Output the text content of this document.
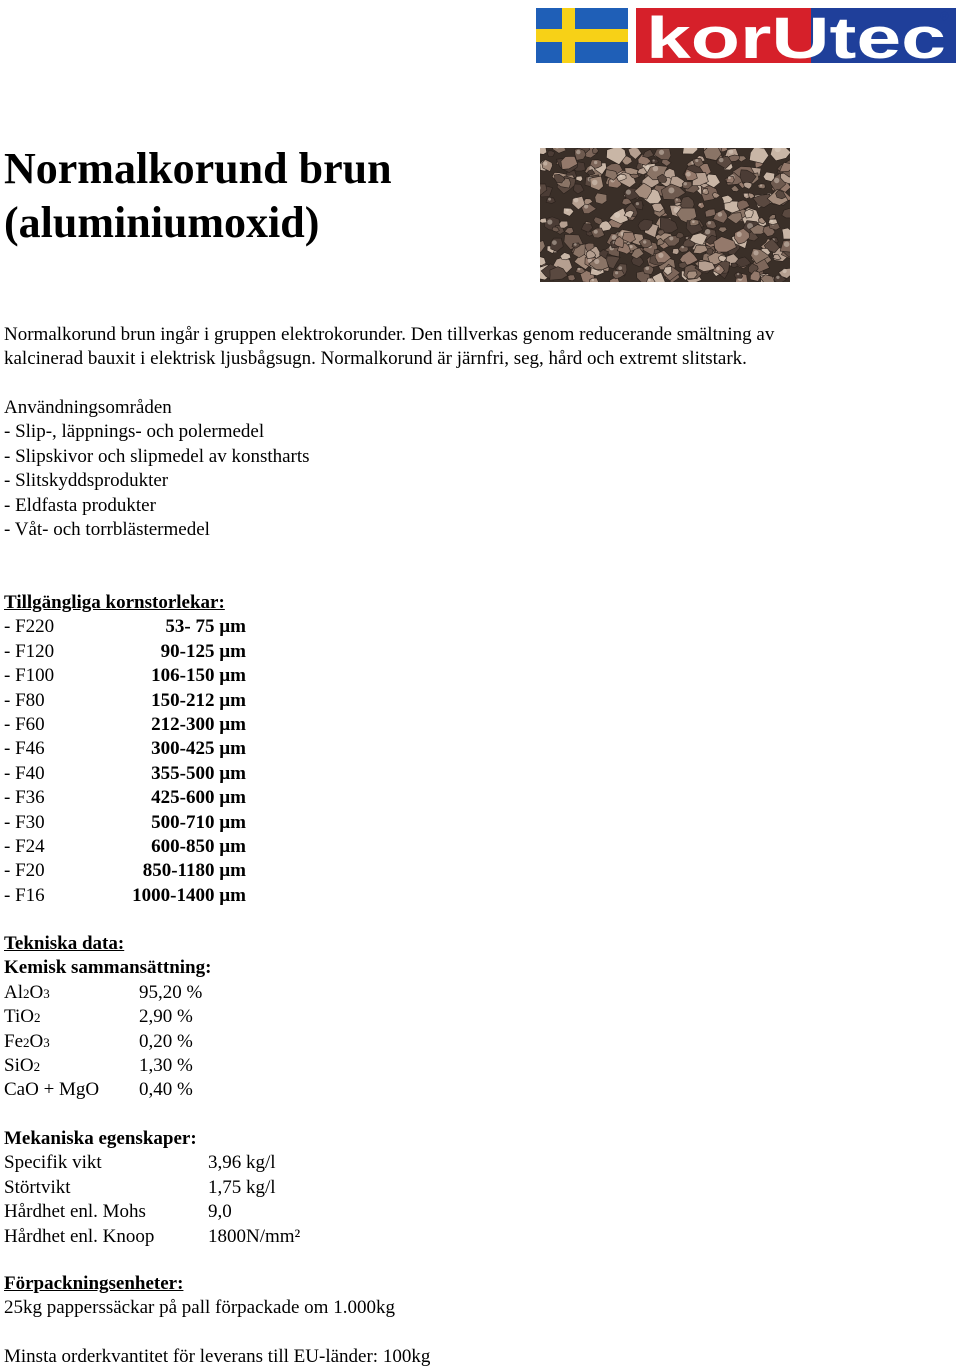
korUtec
®
Normalkorund brun
(aluminiumoxid)
Normalkorund brun ingår i gruppen elektrokorunder. Den tillverkas genom reducerande smältning av
kalcinerad bauxit i elektrisk ljusbågsugn. Normalkorund är järnfri, seg, hård och extremt slitstark.
Användningsområden
- Slip-, läppnings- och polermedel
- Slipskivor och slipmedel av konstharts
- Slitskyddsprodukter
- Eldfasta produkter
- Våt- och torrblästermedel
Tillgängliga kornstorlekar:
- F220	53- 75 µm
- F120	90-125 µm
- F100	106-150 µm
- F80	150-212 µm
- F60	212-300 µm
- F46	300-425 µm
- F40	355-500 µm
- F36	425-600 µm
- F30	500-710 µm
- F24	600-850 µm
- F20	850-1180 µm
- F16	1000-1400 µm
Tekniska data:
Kemisk sammansättning:
Al2O3	95,20 %
TiO2	2,90 %
Fe2O3	0,20 %
SiO2	1,30 %
CaO + MgO 0,40 %
Mekaniska egenskaper:
Specifik vikt	3,96 kg/l
Störtvikt	1,75 kg/l
Hårdhet enl. Mohs	9,0
Hårdhet enl. Knoop	1800N/mm²
Förpackningsenheter:
25kg papperssäckar på pall förpackade om 1.000kg
Minsta orderkvantitet för leverans till EU-länder: 100kg
